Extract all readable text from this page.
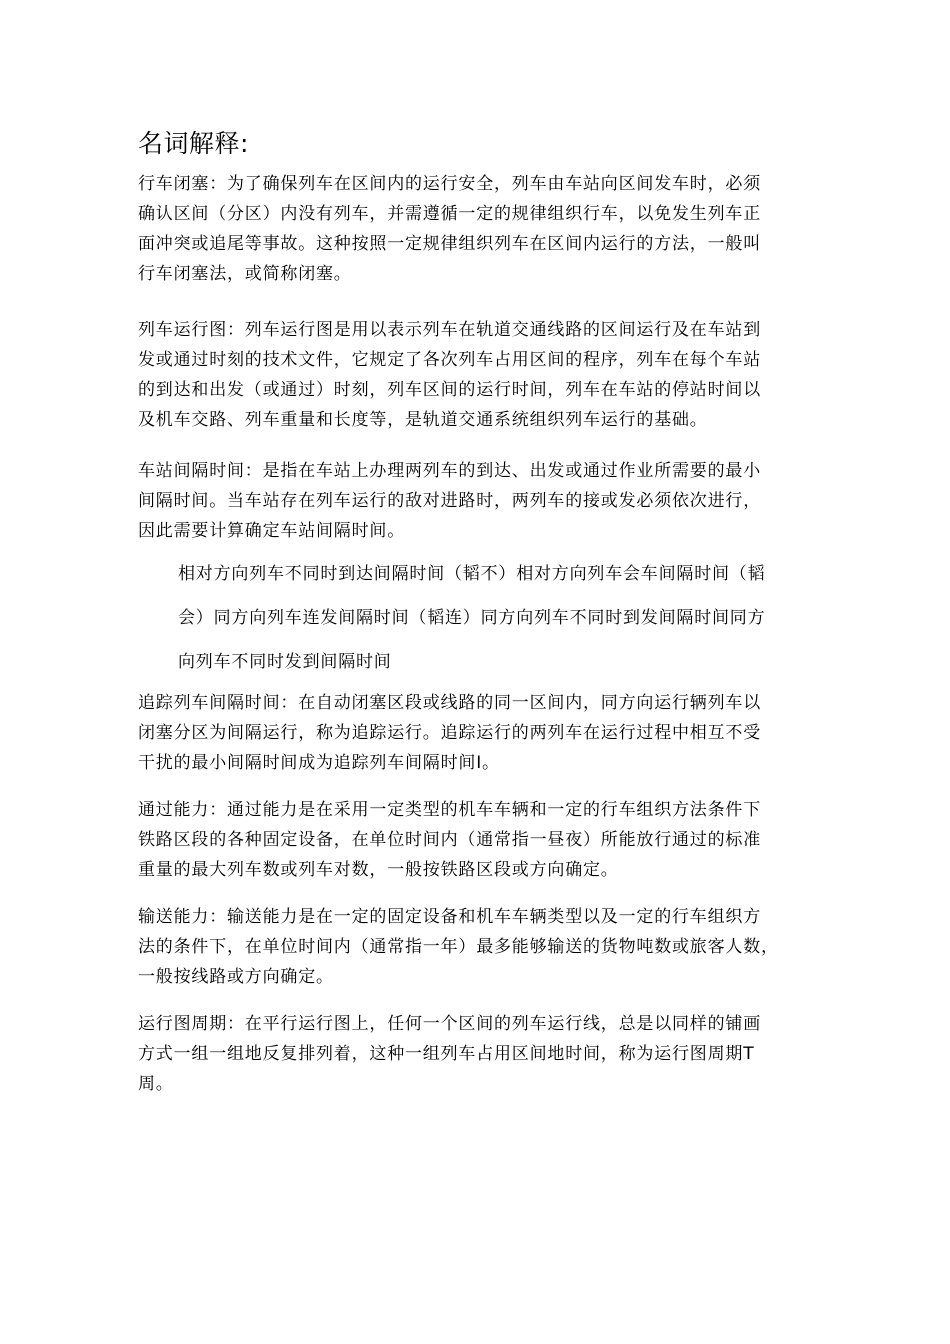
名词解释:

行车闭塞：为了确保列车在区间内的运行安全，列车由车站向区间发车时，必须
确认区间（分区）内没有列车，并需遵循一定的规律组织行车，以免发生列车正
面冲突或追尾等事故。这种按照一定规律组织列车在区间内运行的方法，一般叫
行车闭塞法，或简称闭塞。

列车运行图：列车运行图是用以表示列车在轨道交通线路的区间运行及在车站到
发或通过时刻的技术文件，它规定了各次列车占用区间的程序，列车在每个车站
的到达和出发（或通过）时刻，列车区间的运行时间，列车在车站的停站时间以
及机车交路、列车重量和长度等，是轨道交通系统组织列车运行的基础。

车站间隔时间：是指在车站上办理两列车的到达、出发或通过作业所需要的最小
间隔时间。当车站存在列车运行的敌对进路时，两列车的接或发必须依次进行，
因此需要计算确定车站间隔时间。

相对方向列车不同时到达间隔时间（韬不）相对方向列车会车间隔时间（韬
会）同方向列车连发间隔时间（韬连）同方向列车不同时到发间隔时间同方
向列车不同时发到间隔时间

追踪列车间隔时间：在自动闭塞区段或线路的同一区间内，同方向运行辆列车以
闭塞分区为间隔运行，称为追踪运行。追踪运行的两列车在运行过程中相互不受
干扰的最小间隔时间成为追踪列车间隔时间I。

通过能力：通过能力是在采用一定类型的机车车辆和一定的行车组织方法条件下
铁路区段的各种固定设备，在单位时间内（通常指一昼夜）所能放行通过的标准
重量的最大列车数或列车对数，一般按铁路区段或方向确定。

输送能力：输送能力是在一定的固定设备和机车车辆类型以及一定的行车组织方
法的条件下，在单位时间内（通常指一年）最多能够输送的货物吨数或旅客人数，
一般按线路或方向确定。

运行图周期：在平行运行图上，任何一个区间的列车运行线，总是以同样的铺画
方式一组一组地反复排列着，这种一组列车占用区间地时间，称为运行图周期T
周。
